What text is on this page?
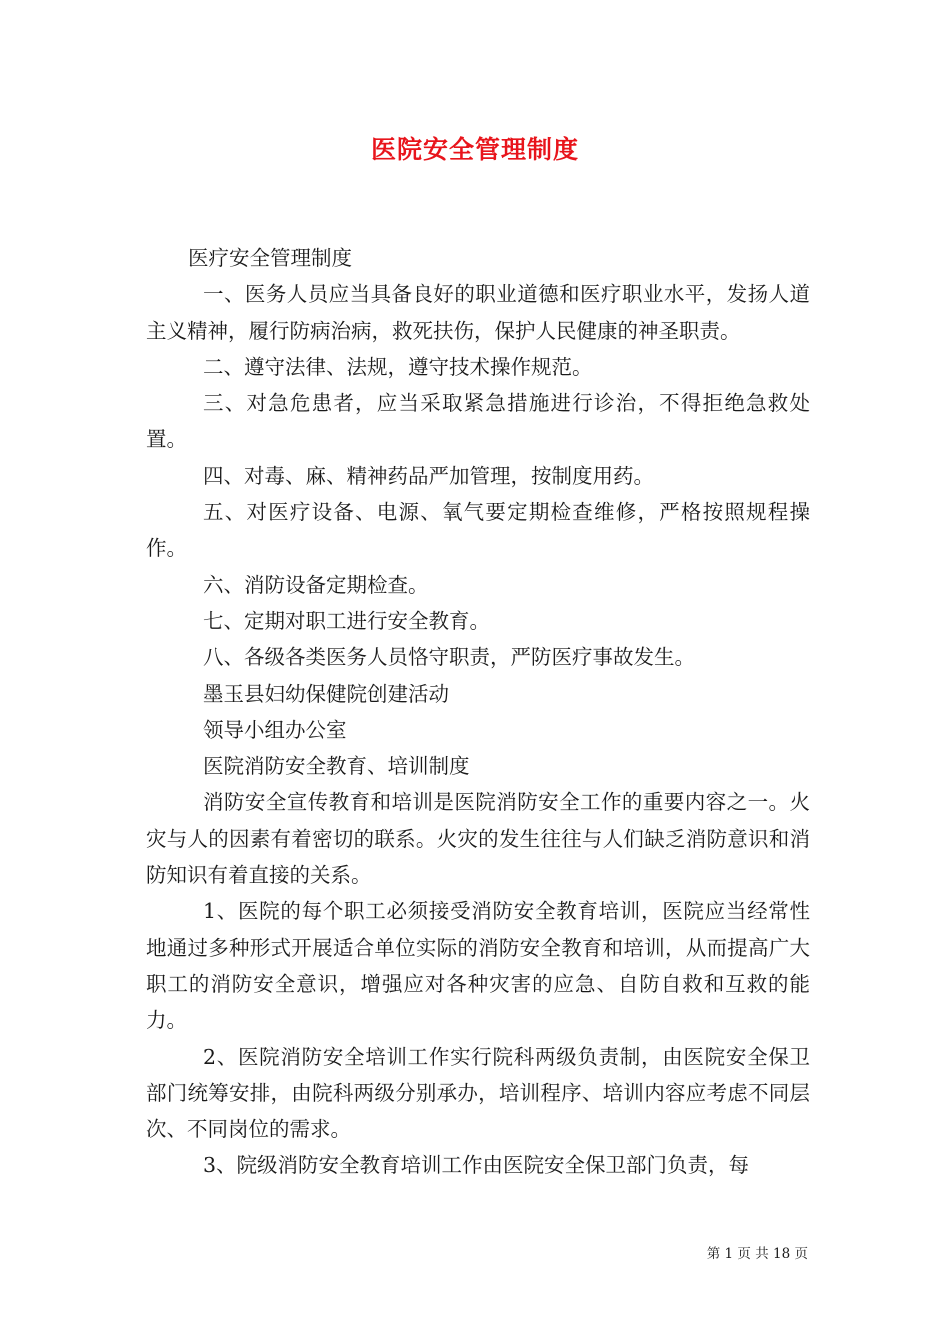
医院安全管理制度

医疗安全管理制度

一、医务人员应当具备良好的职业道德和医疗职业水平，发扬人道主义精神，履行防病治病，救死扶伤，保护人民健康的神圣职责。

二、遵守法律、法规，遵守技术操作规范。

三、对急危患者，应当采取紧急措施进行诊治，不得拒绝急救处置。

四、对毒、麻、精神药品严加管理，按制度用药。

五、对医疗设备、电源、氧气要定期检查维修，严格按照规程操作。

六、消防设备定期检查。

七、定期对职工进行安全教育。

八、各级各类医务人员恪守职责，严防医疗事故发生。

墨玉县妇幼保健院创建活动

领导小组办公室

医院消防安全教育、培训制度

消防安全宣传教育和培训是医院消防安全工作的重要内容之一。火灾与人的因素有着密切的联系。火灾的发生往往与人们缺乏消防意识和消防知识有着直接的关系。

1、医院的每个职工必须接受消防安全教育培训，医院应当经常性地通过多种形式开展适合单位实际的消防安全教育和培训，从而提高广大职工的消防安全意识，增强应对各种灾害的应急、自防自救和互救的能力。

2、医院消防安全培训工作实行院科两级负责制，由医院安全保卫部门统筹安排，由院科两级分别承办，培训程序、培训内容应考虑不同层次、不同岗位的需求。

3、院级消防安全教育培训工作由医院安全保卫部门负责，每

第 1 页 共 18 页
